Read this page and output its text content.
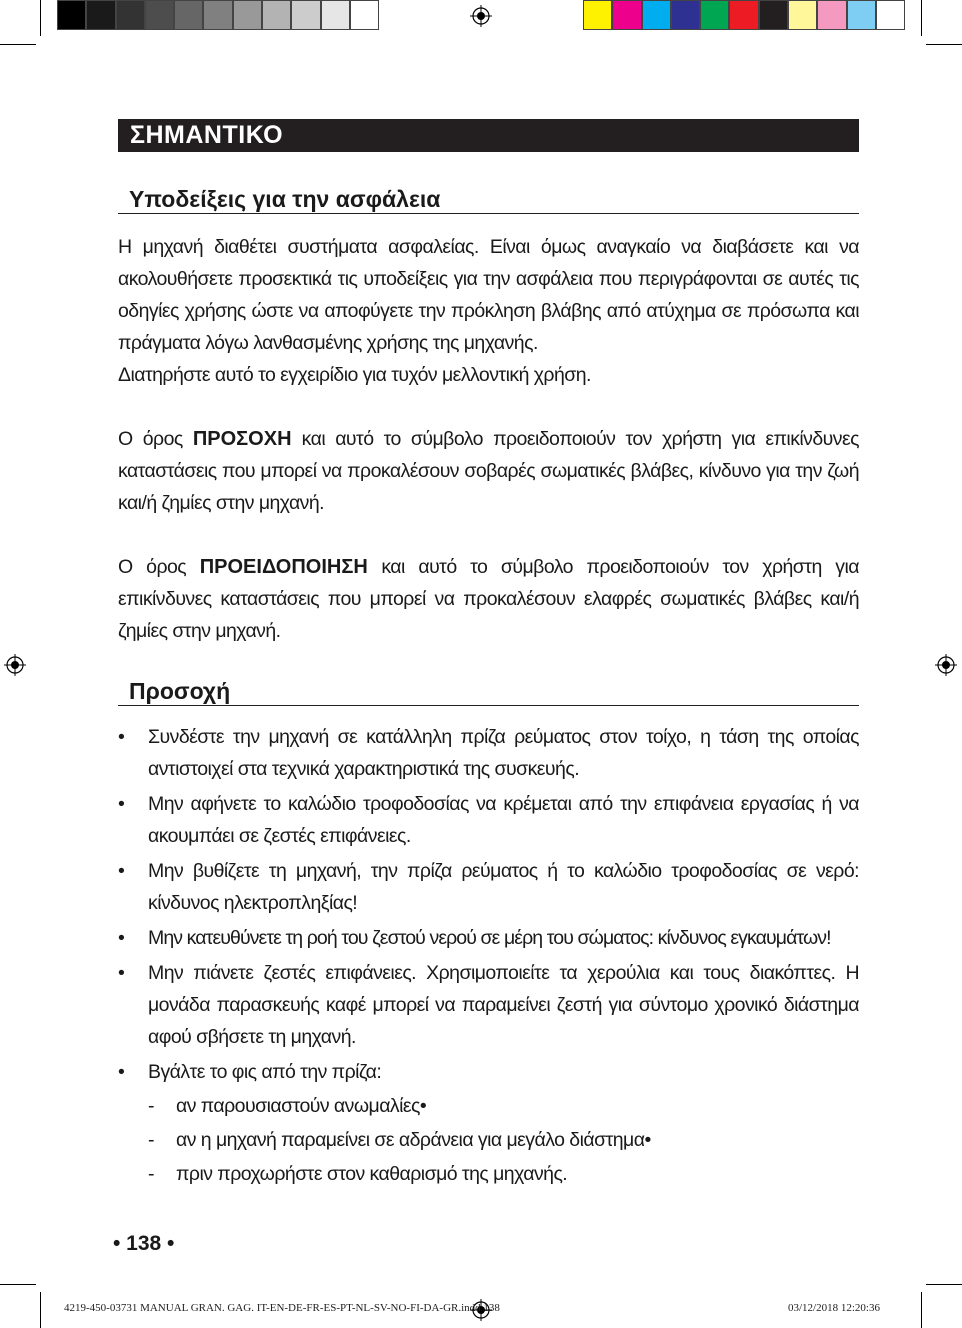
ΣΗΜΑΝΤΙΚΟ
Υποδείξεις για την ασφάλεια

Η μηχανή διαθέτει συστήματα ασφαλείας. Είναι όμως αναγκαίο να διαβάσετε και να ακολουθήσετε προσεκτικά τις υποδείξεις για την ασφάλεια που περιγράφονται σε αυτές τις οδηγίες χρήσης ώστε να αποφύγετε την πρόκληση βλάβης από ατύχημα σε πρόσωπα και πράγματα λόγω λανθασμένης χρήσης της μηχανής.

Διατηρήστε αυτό το εγχειρίδιο για τυχόν μελλοντική χρήση.

Ο όρος ΠΡΟΣΟΧΗ και αυτό το σύμβολο προειδοποιούν τον χρήστη για επικίνδυνες καταστάσεις που μπορεί να προκαλέσουν σοβαρές σωματικές βλάβες, κίνδυνο για την ζωή και/ή ζημίες στην μηχανή.

Ο όρος ΠΡΟΕΙΔΟΠΟΙΗΣΗ και αυτό το σύμβολο προειδοποιούν τον χρήστη για επικίνδυνες καταστάσεις που μπορεί να προκαλέσουν ελαφρές σωματικές βλάβες και/ή ζημίες στην μηχανή.

Προσοχή
• Συνδέστε την μηχανή σε κατάλληλη πρίζα ρεύματος στον τοίχο, η τάση της οποίας αντιστοιχεί στα τεχνικά χαρακτηριστικά της συσκευής.
• Μην αφήνετε το καλώδιο τροφοδοσίας να κρέμεται από την επιφάνεια εργασίας ή να ακουμπάει σε ζεστές επιφάνειες.
• Μην βυθίζετε τη μηχανή, την πρίζα ρεύματος ή το καλώδιο τροφοδοσίας σε νερό: κίνδυνος ηλεκτροπληξίας!
• Μην κατευθύνετε τη ροή του ζεστού νερού σε μέρη του σώματος: κίνδυνος εγκαυμάτων!
• Μην πιάνετε ζεστές επιφάνειες. Χρησιμοποιείτε τα χερούλια και τους διακόπτες. Η μονάδα παρασκευής καφέ μπορεί να παραμείνει ζεστή για σύντομο χρονικό διάστημα αφού σβήσετε τη μηχανή.
• Βγάλτε το φις από την πρίζα:
- αν παρουσιαστούν ανωμαλίες•
- αν η μηχανή παραμείνει σε αδράνεια για μεγάλο διάστημα•
- πριν προχωρήστε στον καθαρισμό της μηχανής.
• 138 •
4219-450-03731 MANUAL GRAN. GAG. IT-EN-DE-FR-ES-PT-NL-SV-NO-FI-DA-GR.indd 138	03/12/2018 12:20:36
